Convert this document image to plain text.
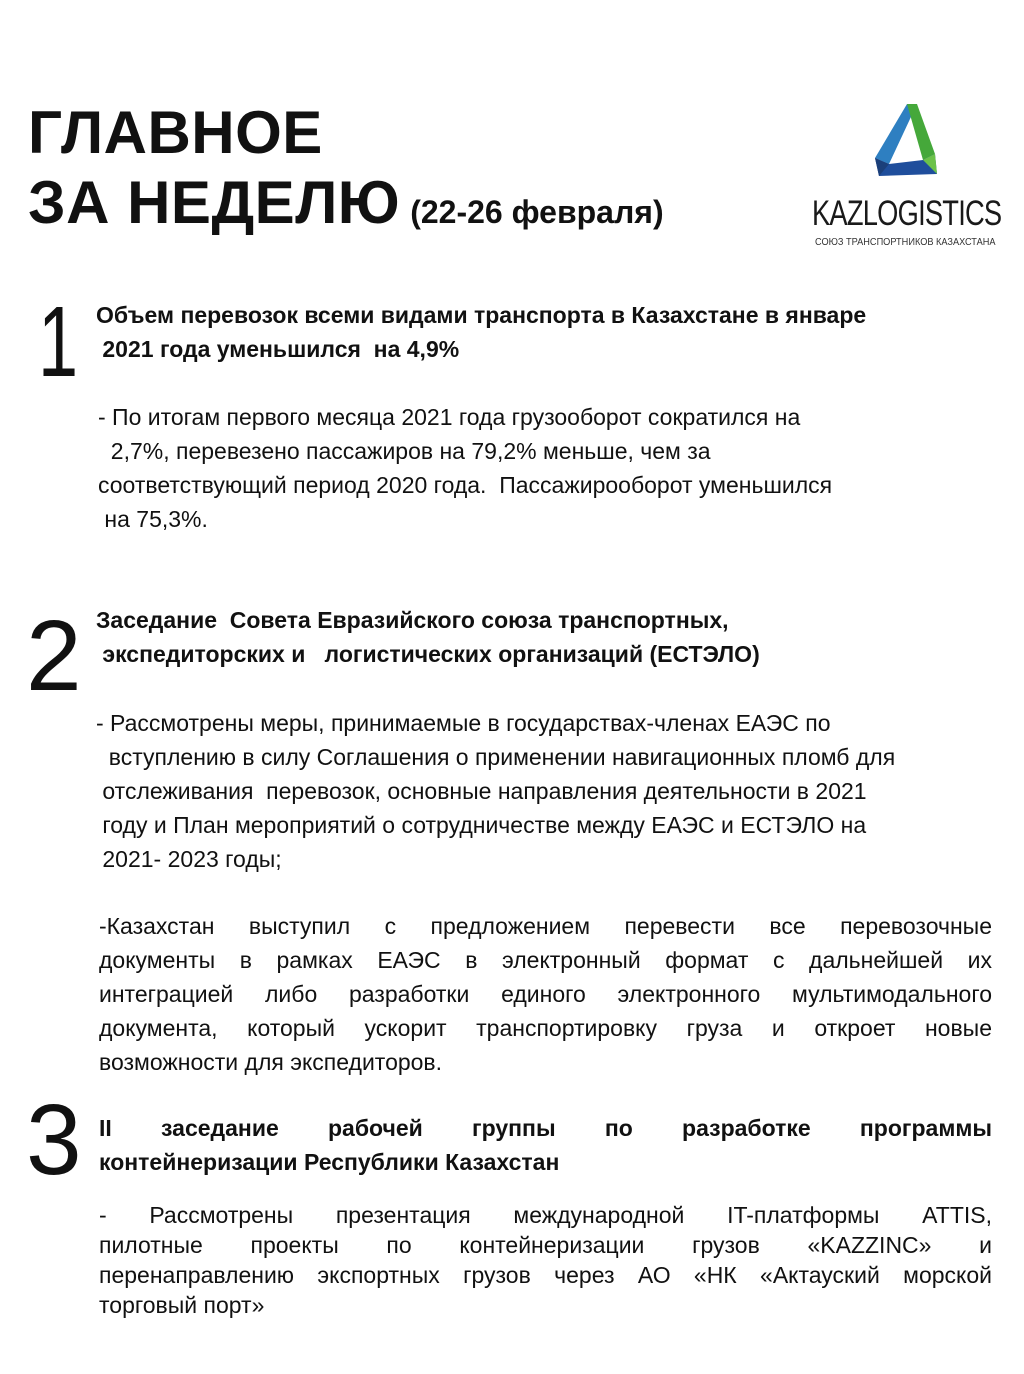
ГЛАВНОЕ
ЗА НЕДЕЛЮ (22-26 февраля)	KAZLOGISTICS
СОЮЗ ТРАНСПОРТНИКОВ КАЗАХСТАНА
1 Объем перевозок всеми видами транспорта в Казахстане в январе
2021 года уменьшился  на 4,9%
- По итогам первого месяца 2021 года грузооборот сократился на
2,7%, перевезено пассажиров на 79,2% меньше, чем за
соответствующий период 2020 года.  Пассажирооборот уменьшился
на 75,3%.
2 Заседание  Совета Евразийского союза транспортных,
экспедиторских и   логистических организаций (ЕСТЭЛО)
- Рассмотрены меры, принимаемые в государствах-членах ЕАЭС по
вступлению в силу Соглашения о применении навигационных пломб для
отслеживания  перевозок, основные направления деятельности в 2021
году и План мероприятий о сотрудничестве между ЕАЭС и ЕСТЭЛО на
2021- 2023 годы;
-Казахстан выступил с предложением перевести все перевозочные
документы в рамках ЕАЭС в электронный формат с дальнейшей их
интеграцией либо разработки единого электронного мультимодального
документа, который ускорит транспортировку груза и откроет новые
возможности для экспедиторов.
3 II заседание рабочей группы по разработке программы
контейнеризации Республики Казахстан
- Рассмотрены презентация международной IT-платформы ATTIS,
пилотные проекты по контейнеризации грузов «KAZZINC» и
перенаправлению экспортных грузов через АО «НК «Актауский морской
торговый порт»
